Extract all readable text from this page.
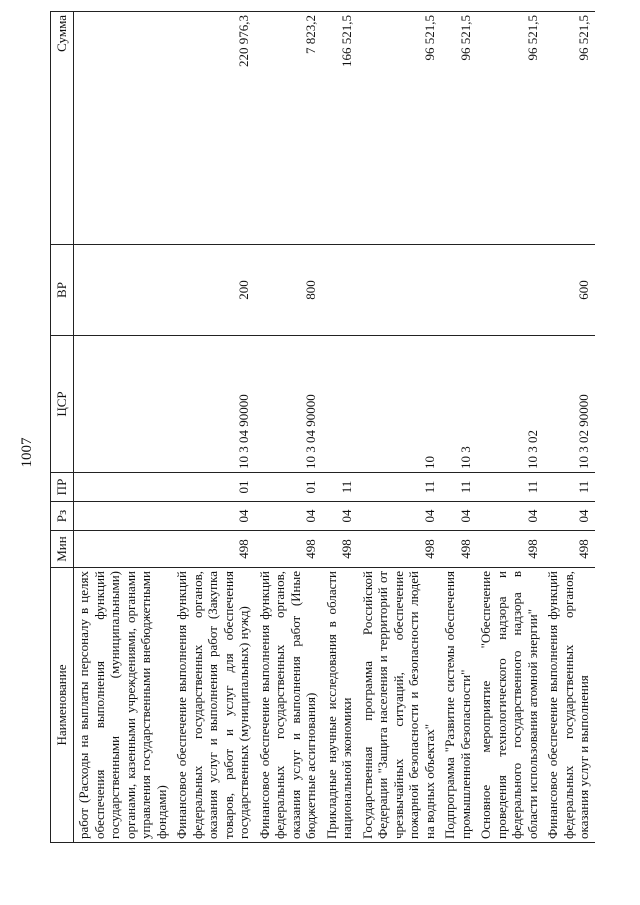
1007
Наименование	Мин	Рз	ПР	ЦСР	ВР	Сумма
работ (Расходы на выплаты персоналу в целях обеспечения выполнения функций государственными (муниципальными) органами, казенными учреждениями, органами управления государственными внебюджетными фондами)						
Финансовое обеспечение выполнения функций федеральных государственных органов, оказания услуг и выполнения работ (Закупка товаров, работ и услуг для обеспечения государственных (муниципальных) нужд)	498	04	01	10 3 04 90000	200	220 976,3
Финансовое обеспечение выполнения функций федеральных государственных органов, оказания услуг и выполнения работ (Иные бюджетные ассигнования)	498	04	01	10 3 04 90000	800	7 823,2
Прикладные научные исследования в области национальной экономики	498	04	11			166 521,5
Государственная программа Российской Федерации "Защита населения и территорий от чрезвычайных ситуаций, обеспечение пожарной безопасности и безопасности людей на водных объектах"	498	04	11	10		96 521,5
Подпрограмма "Развитие системы обеспечения промышленной безопасности"	498	04	11	10 3		96 521,5
Основное мероприятие "Обеспечение проведения технологического надзора и федерального государственного надзора в области использования атомной энергии"	498	04	11	10 3 02		96 521,5
Финансовое обеспечение выполнения функций федеральных государственных органов, оказания услуг и выполнения	498	04	11	10 3 02 90000	600	96 521,5
